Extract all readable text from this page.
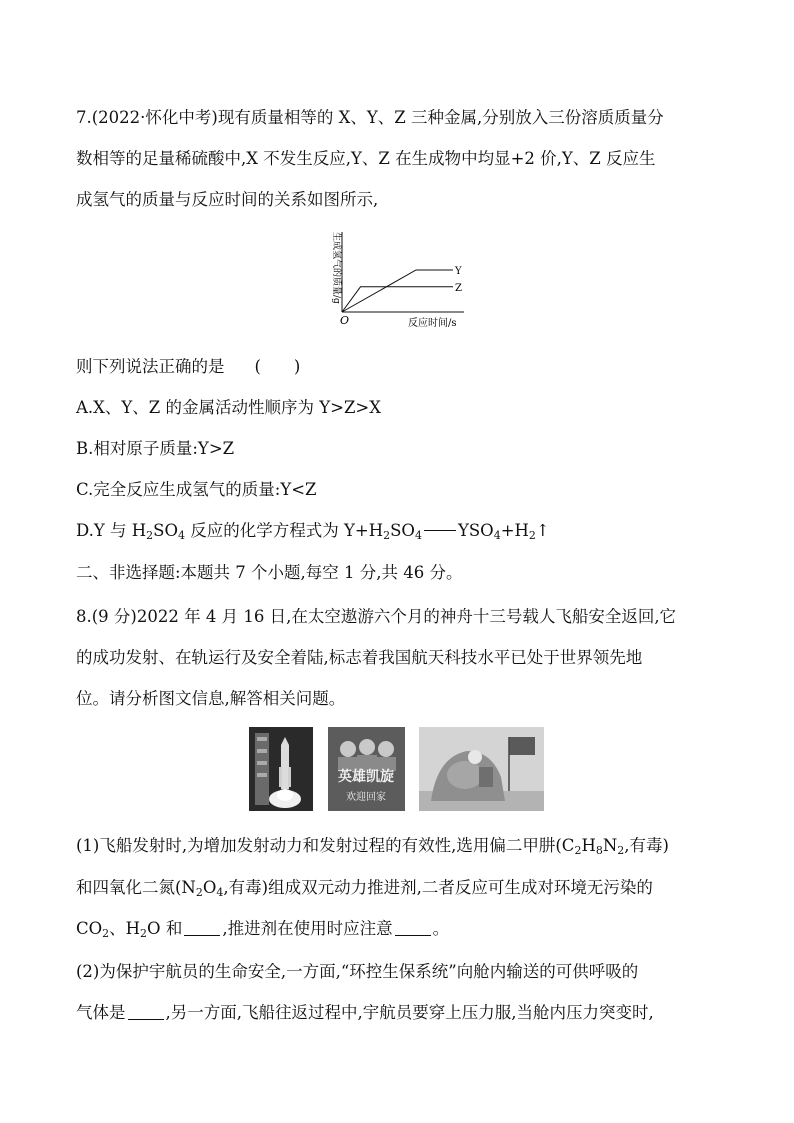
7.(2022·怀化中考)现有质量相等的 X、Y、Z 三种金属,分别放入三份溶质质量分
数相等的足量稀硫酸中,X 不发生反应,Y、Z 在生成物中均显+2 价,Y、Z 反应生
成氢气的质量与反应时间的关系如图所示,
Y
Z
生成氢气的质量/g
反应时间/s
O
则下列说法正确的是 (　　)
A.X、Y、Z 的金属活动性顺序为 Y>Z>X
B.相对原子质量:Y>Z
C.完全反应生成氢气的质量:Y<Z
D.Y 与 $H_2SO_4$ 反应的化学方程式为 $Y+H_2SO_4$ $YSO_4+H_2↑$
二、非选择题:本题共 7 个小题,每空 1 分,共 46 分。
8.(9 分)2022 年 4 月 16 日,在太空遨游六个月的神舟十三号载人飞船安全返回,它
的成功发射、在轨运行及安全着陆,标志着我国航天科技水平已处于世界领先地
位。请分析图文信息,解答相关问题。
英雄凯旋
欢迎回家
(1)飞船发射时,为增加发射动力和发射过程的有效性,选用偏二甲肼($C_2H_8N_2$,有毒)
和四氧化二氮($N_2O_4$,有毒)组成双元动力推进剂,二者反应可生成对环境无污染的
$CO_2$、$H_2O$ 和 ,推进剂在使用时应注意 。
(2)为保护宇航员的生命安全,一方面,“环控生保系统”向舱内输送的可供呼吸的
气体是 ,另一方面,飞船往返过程中,宇航员要穿上压力服,当舱内压力突变时,
